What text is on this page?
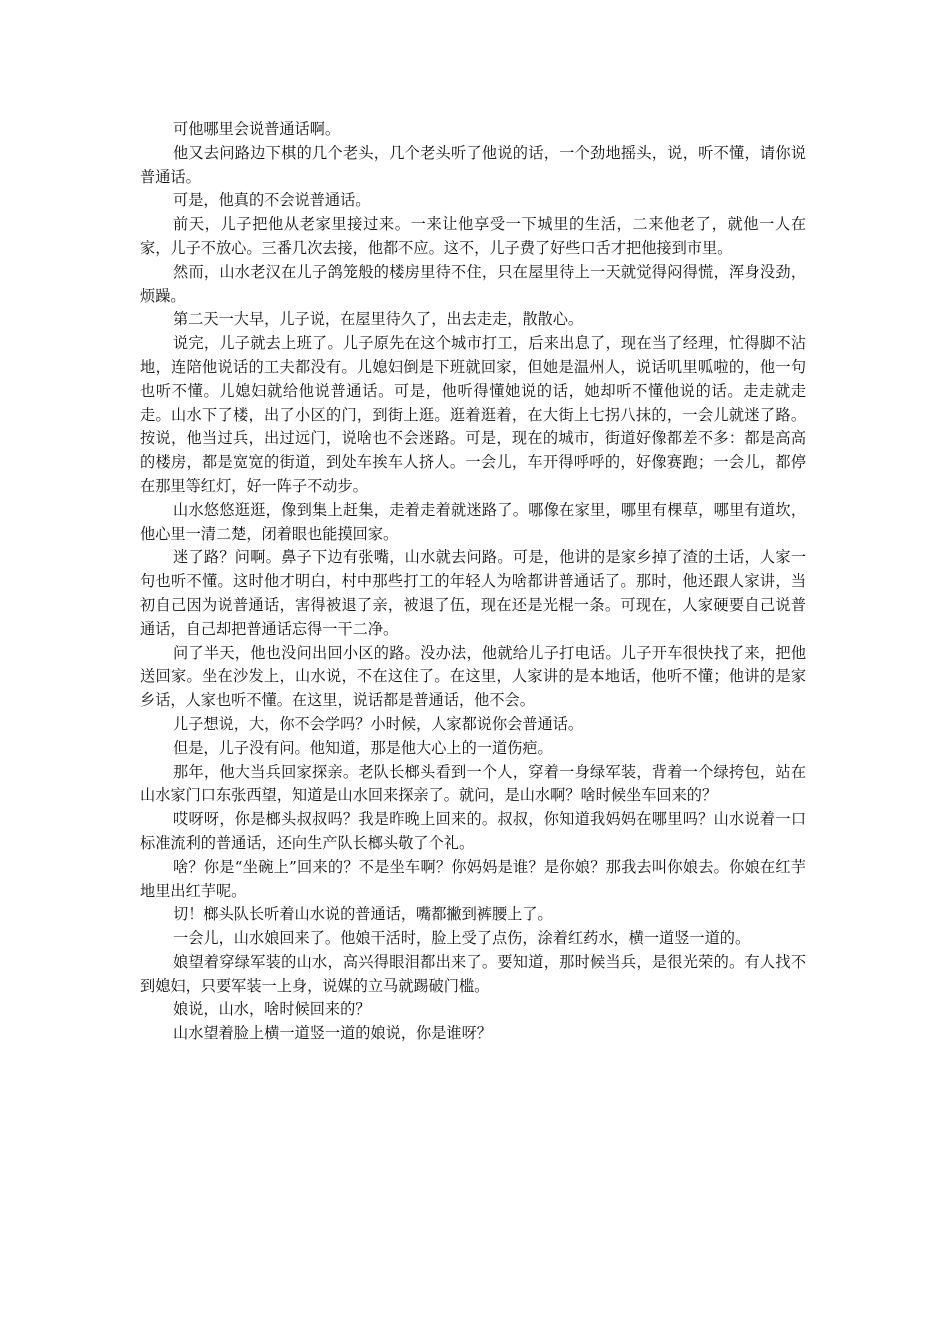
可他哪里会说普通话啊。

他又去问路边下棋的几个老头，几个老头听了他说的话，一个劲地摇头，说，听不懂，请你说普通话。

可是，他真的不会说普通话。

前天，儿子把他从老家里接过来。一来让他享受一下城里的生活，二来他老了，就他一人在家，儿子不放心。三番几次去接，他都不应。这不，儿子费了好些口舌才把他接到市里。

然而，山水老汉在儿子鸽笼般的楼房里待不住，只在屋里待上一天就觉得闷得慌，浑身没劲，烦躁。

第二天一大早，儿子说，在屋里待久了，出去走走，散散心。

说完，儿子就去上班了。儿子原先在这个城市打工，后来出息了，现在当了经理，忙得脚不沾地，连陪他说话的工夫都没有。儿媳妇倒是下班就回家，但她是温州人，说话叽里呱啦的，他一句也听不懂。儿媳妇就给他说普通话。可是，他听得懂她说的话，她却听不懂他说的话。走走就走走。山水下了楼，出了小区的门，到街上逛。逛着逛着，在大街上七拐八抹的，一会儿就迷了路。按说，他当过兵，出过远门，说啥也不会迷路。可是，现在的城市，街道好像都差不多：都是高高的楼房，都是宽宽的街道，到处车挨车人挤人。一会儿，车开得呼呼的，好像赛跑；一会儿，都停在那里等红灯，好一阵子不动步。

山水悠悠逛逛，像到集上赶集，走着走着就迷路了。哪像在家里，哪里有棵草，哪里有道坎，他心里一清二楚，闭着眼也能摸回家。

迷了路？问啊。鼻子下边有张嘴，山水就去问路。可是，他讲的是家乡掉了渣的土话，人家一句也听不懂。这时他才明白，村中那些打工的年轻人为啥都讲普通话了。那时，他还跟人家讲，当初自己因为说普通话，害得被退了亲，被退了伍，现在还是光棍一条。可现在，人家硬要自己说普通话，自己却把普通话忘得一干二净。

问了半天，他也没问出回小区的路。没办法，他就给儿子打电话。儿子开车很快找了来，把他送回家。坐在沙发上，山水说，不在这住了。在这里，人家讲的是本地话，他听不懂；他讲的是家乡话，人家也听不懂。在这里，说话都是普通话，他不会。

儿子想说，大，你不会学吗？小时候，人家都说你会普通话。

但是，儿子没有问。他知道，那是他大心上的一道伤疤。

那年，他大当兵回家探亲。老队长榔头看到一个人，穿着一身绿军装，背着一个绿挎包，站在山水家门口东张西望，知道是山水回来探亲了。就问，是山水啊？啥时候坐车回来的？

哎呀呀，你是榔头叔叔吗？我是昨晚上回来的。叔叔，你知道我妈妈在哪里吗？山水说着一口标准流利的普通话，还向生产队长榔头敬了个礼。

啥？你是“坐碗上”回来的？不是坐车啊？你妈妈是谁？是你娘？那我去叫你娘去。你娘在红芋地里出红芋呢。

切！榔头队长听着山水说的普通话，嘴都撇到裤腰上了。

一会儿，山水娘回来了。他娘干活时，脸上受了点伤，涂着红药水，横一道竖一道的。

娘望着穿绿军装的山水，高兴得眼泪都出来了。要知道，那时候当兵，是很光荣的。有人找不到媳妇，只要军装一上身，说媒的立马就踢破门槛。

娘说，山水，啥时候回来的？

山水望着脸上横一道竖一道的娘说，你是谁呀？
